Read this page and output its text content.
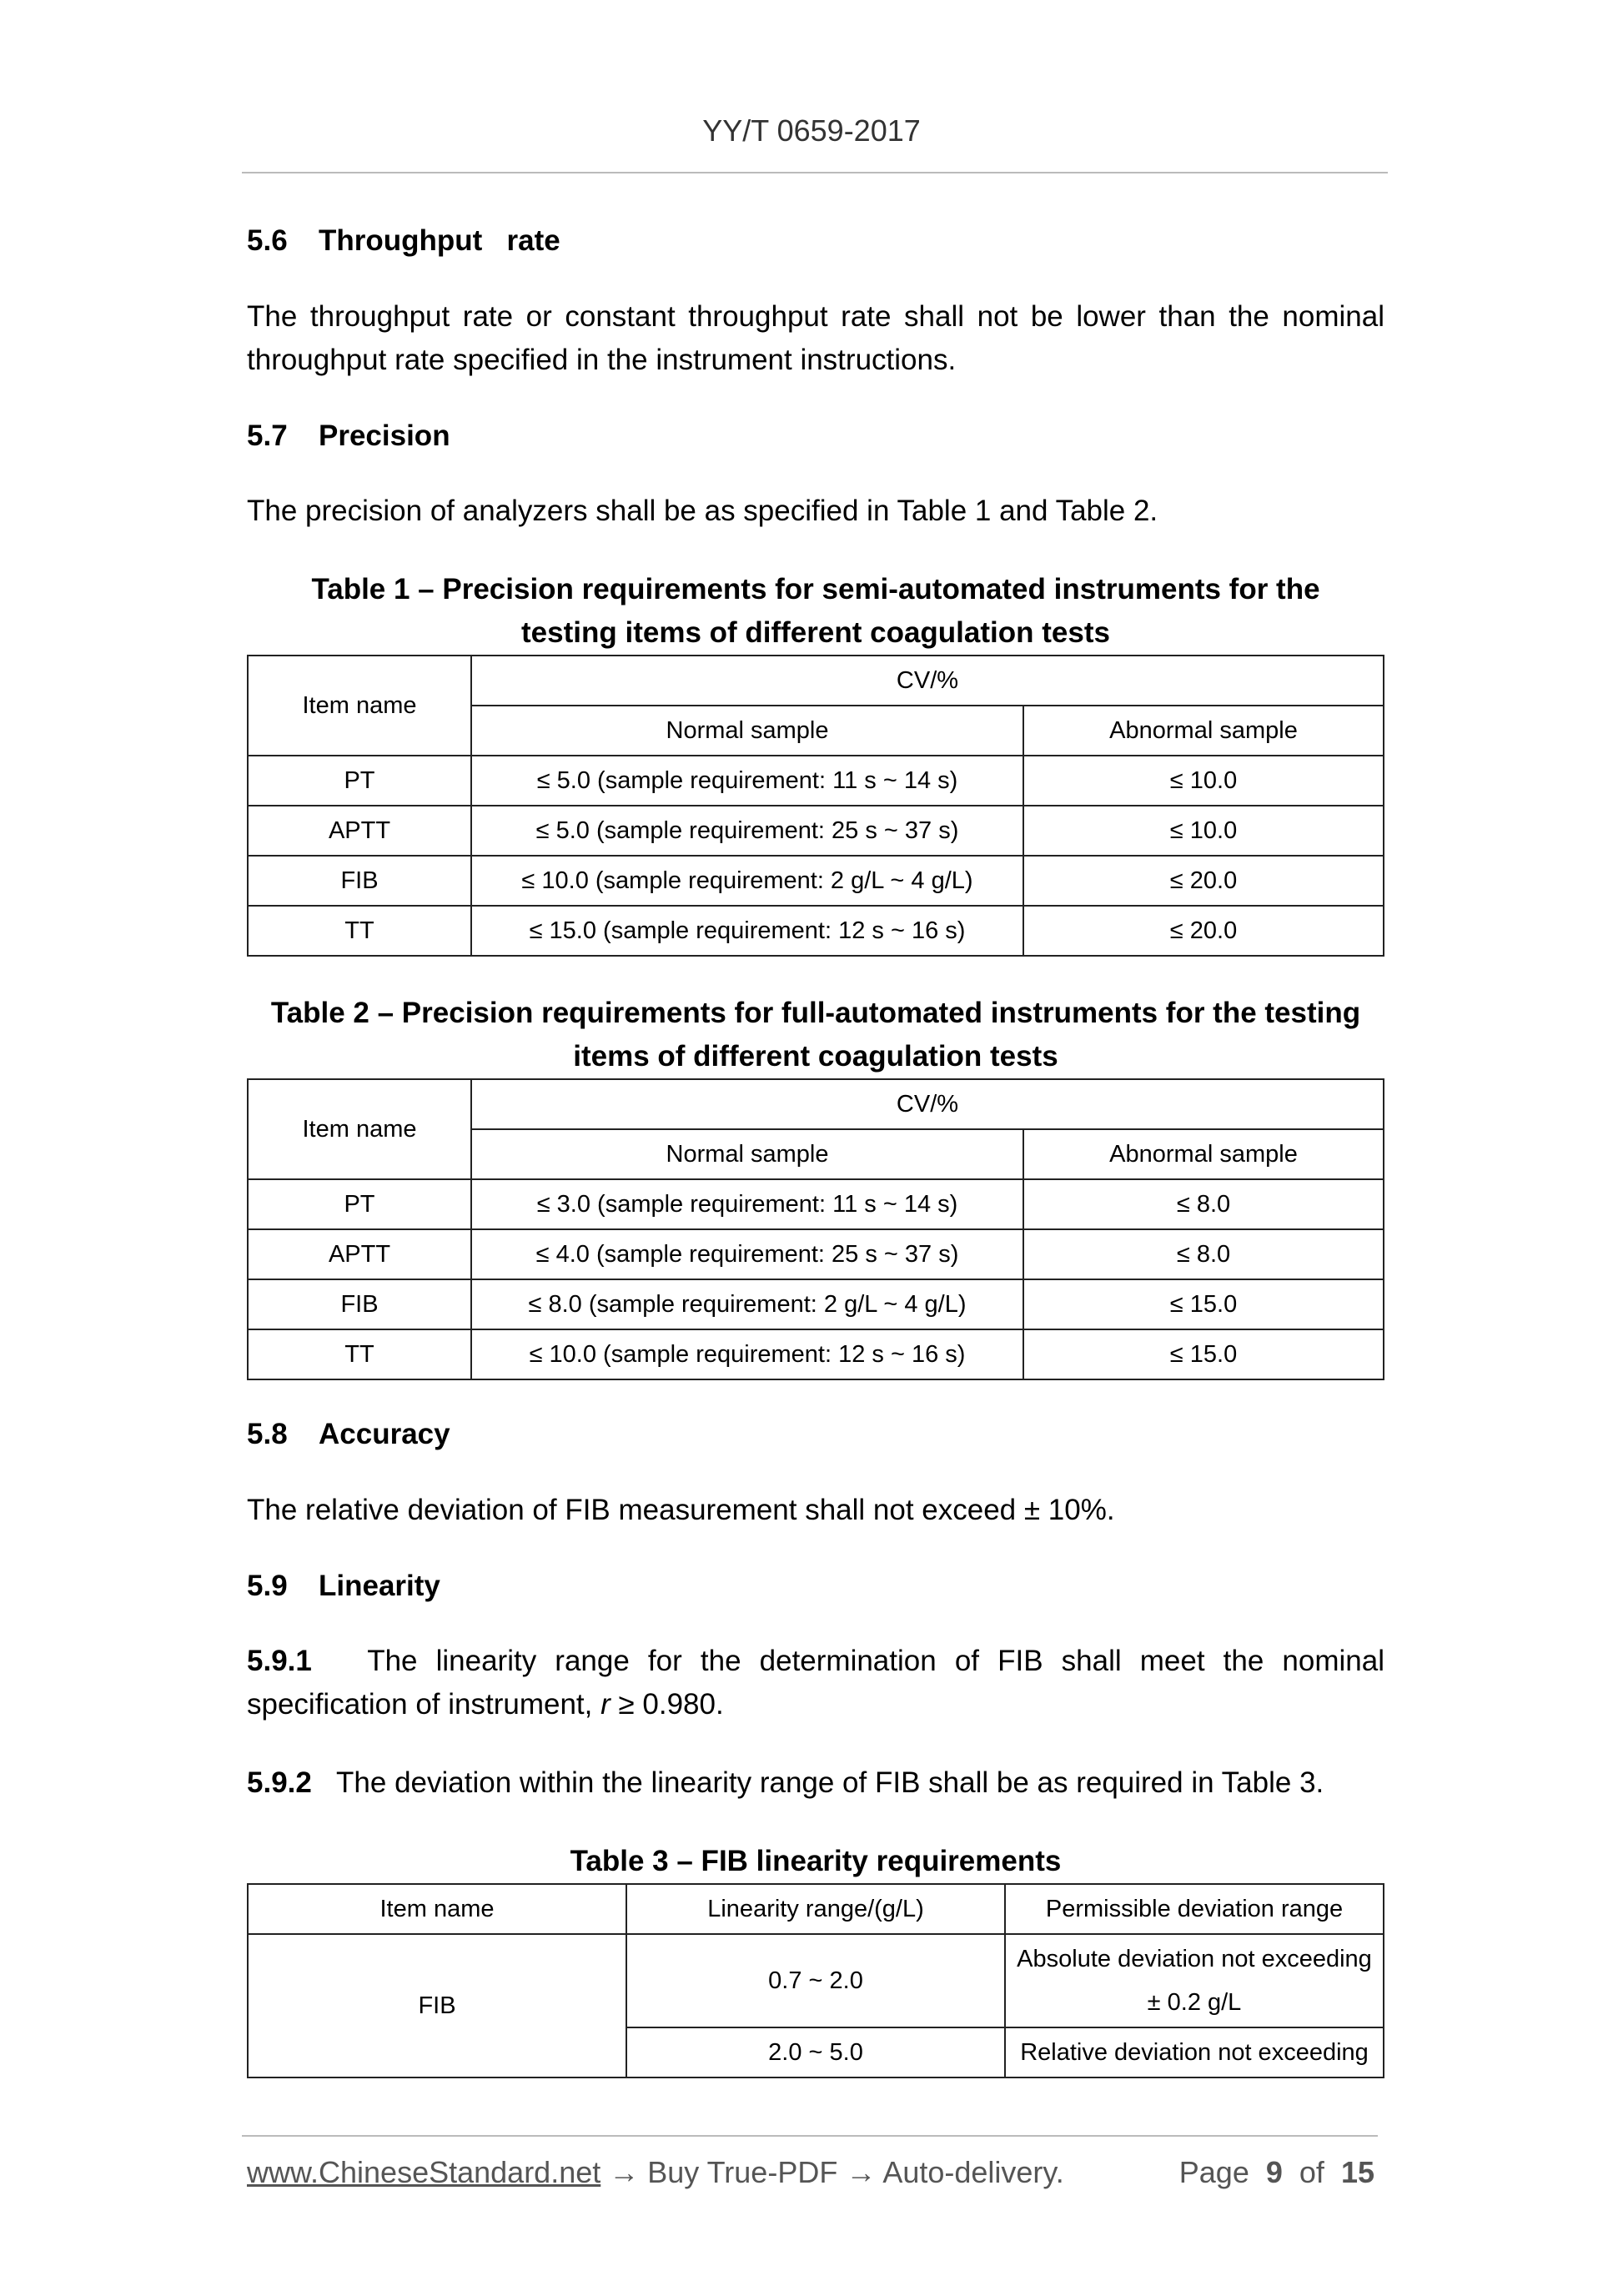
YY/T 0659-2017
5.6 Throughput   rate

The throughput rate or constant throughput rate shall not be lower than the nominal throughput rate specified in the instrument instructions.

5.7 Precision

The precision of analyzers shall be as specified in Table 1 and Table 2.

Table 1 – Precision requirements for semi-automated instruments for the
testing items of different coagulation tests
Item name	CV/%	
	Normal sample	Abnormal sample
PT	≤ 5.0 (sample requirement: 11 s ~ 14 s)	≤ 10.0
APTT	≤ 5.0 (sample requirement: 25 s ~ 37 s)	≤ 10.0
FIB	≤ 10.0 (sample requirement: 2 g/L ~ 4 g/L)	≤ 20.0
TT	≤ 15.0 (sample requirement: 12 s ~ 16 s)	≤ 20.0
Table 2 – Precision requirements for full-automated instruments for the testing
items of different coagulation tests
Item name	CV/%	
	Normal sample	Abnormal sample
PT	≤ 3.0 (sample requirement: 11 s ~ 14 s)	≤ 8.0
APTT	≤ 4.0 (sample requirement: 25 s ~ 37 s)	≤ 8.0
FIB	≤ 8.0 (sample requirement: 2 g/L ~ 4 g/L)	≤ 15.0
TT	≤ 10.0 (sample requirement: 12 s ~ 16 s)	≤ 15.0
5.8 Accuracy

The relative deviation of FIB measurement shall not exceed ± 10%.

5.9 Linearity

5.9.1 The linearity range for the determination of FIB shall meet the nominal specification of instrument, r ≥ 0.980.

5.9.2 The deviation within the linearity range of FIB shall be as required in Table 3.

Table 3 – FIB linearity requirements
Item name	Linearity range/(g/L)	Permissible deviation range
FIB	0.7 ~ 2.0	Absolute deviation not exceeding
± 0.2 g/L

	2.0 ~ 5.0	Relative deviation not exceeding
www.ChineseStandard.net → Buy True-PDF → Auto-delivery.	Page 9 of 15
